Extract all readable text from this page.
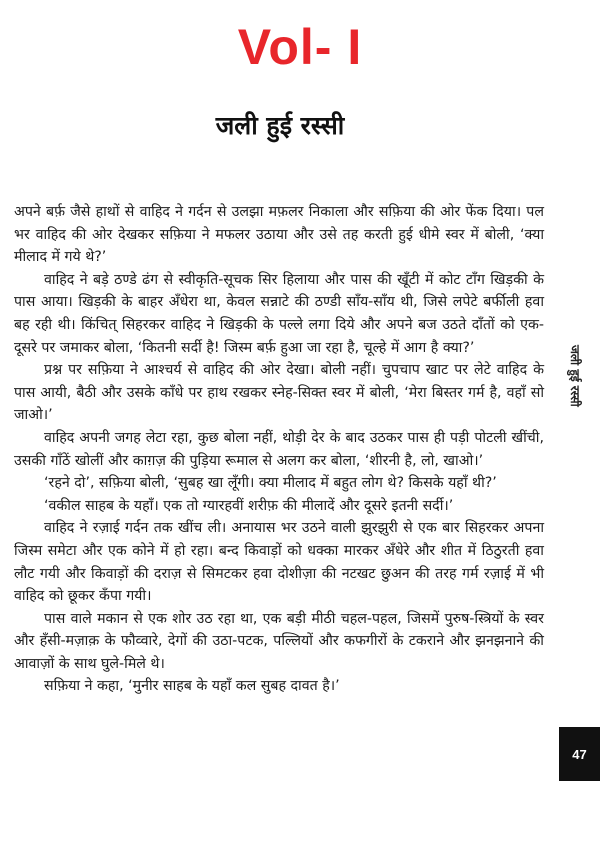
Vol- I
जली हुई रस्सी

अपने बर्फ़ जैसे हाथों से वाहिद ने गर्दन से उलझा मफ़लर निकाला और सफ़िया की ओर फेंक दिया। पल भर वाहिद की ओर देखकर सफ़िया ने मफलर उठाया और उसे तह करती हुई धीमे स्वर में बोली, ‘क्या मीलाद में गये थे?’

वाहिद ने बड़े ठण्डे ढंग से स्वीकृति-सूचक सिर हिलाया और पास की खूँटी में कोट टाँग खिड़की के पास आया। खिड़की के बाहर अँधेरा था, केवल सन्नाटे की ठण्डी साँय-साँय थी, जिसे लपेटे बर्फीली हवा बह रही थी। किंचित् सिहरकर वाहिद ने खिड़की के पल्ले लगा दिये और अपने बज उठते दाँतों को एक-दूसरे पर जमाकर बोला, ‘कितनी सर्दी है! जिस्म बर्फ़ हुआ जा रहा है, चूल्हे में आग है क्या?’

प्रश्न पर सफ़िया ने आश्चर्य से वाहिद की ओर देखा। बोली नहीं। चुपचाप खाट पर लेटे वाहिद के पास आयी, बैठी और उसके काँधे पर हाथ रखकर स्नेह-सिक्त स्वर में बोली, ‘मेरा बिस्तर गर्म है, वहाँ सो जाओ।’

वाहिद अपनी जगह लेटा रहा, कुछ बोला नहीं, थोड़ी देर के बाद उठकर पास ही पड़ी पोटली खींची, उसकी गाँठें खोलीं और काग़ज़ की पुड़िया रूमाल से अलग कर बोला, ‘शीरनी है, लो, खाओ।’

‘रहने दो’, सफ़िया बोली, ‘सुबह खा लूँगी। क्या मीलाद में बहुत लोग थे? किसके यहाँ थी?’

‘वकील साहब के यहाँ। एक तो ग्यारहवीं शरीफ़ की मीलादें और दूसरे इतनी सर्दी।’

वाहिद ने रज़ाई गर्दन तक खींच ली। अनायास भर उठने वाली झुरझुरी से एक बार सिहरकर अपना जिस्म समेटा और एक कोने में हो रहा। बन्द किवाड़ों को धक्का मारकर अँधेरे और शीत में ठिठुरती हवा लौट गयी और किवाड़ों की दराज़ से सिमटकर हवा दोशीज़ा की नटखट छुअन की तरह गर्म रज़ाई में भी वाहिद को छूकर कँपा गयी।

पास वाले मकान से एक शोर उठ रहा था, एक बड़ी मीठी चहल-पहल, जिसमें पुरुष-स्त्रियों के स्वर और हँसी-मज़ाक़ के फौव्वारे, देगों की उठा-पटक, पल्लियों और कफगीरों के टकराने और झनझनाने की आवाज़ों के साथ घुले-मिले थे।

सफ़िया ने कहा, ‘मुनीर साहब के यहाँ कल सुबह दावत है।’

जली हुई रस्सी
47
